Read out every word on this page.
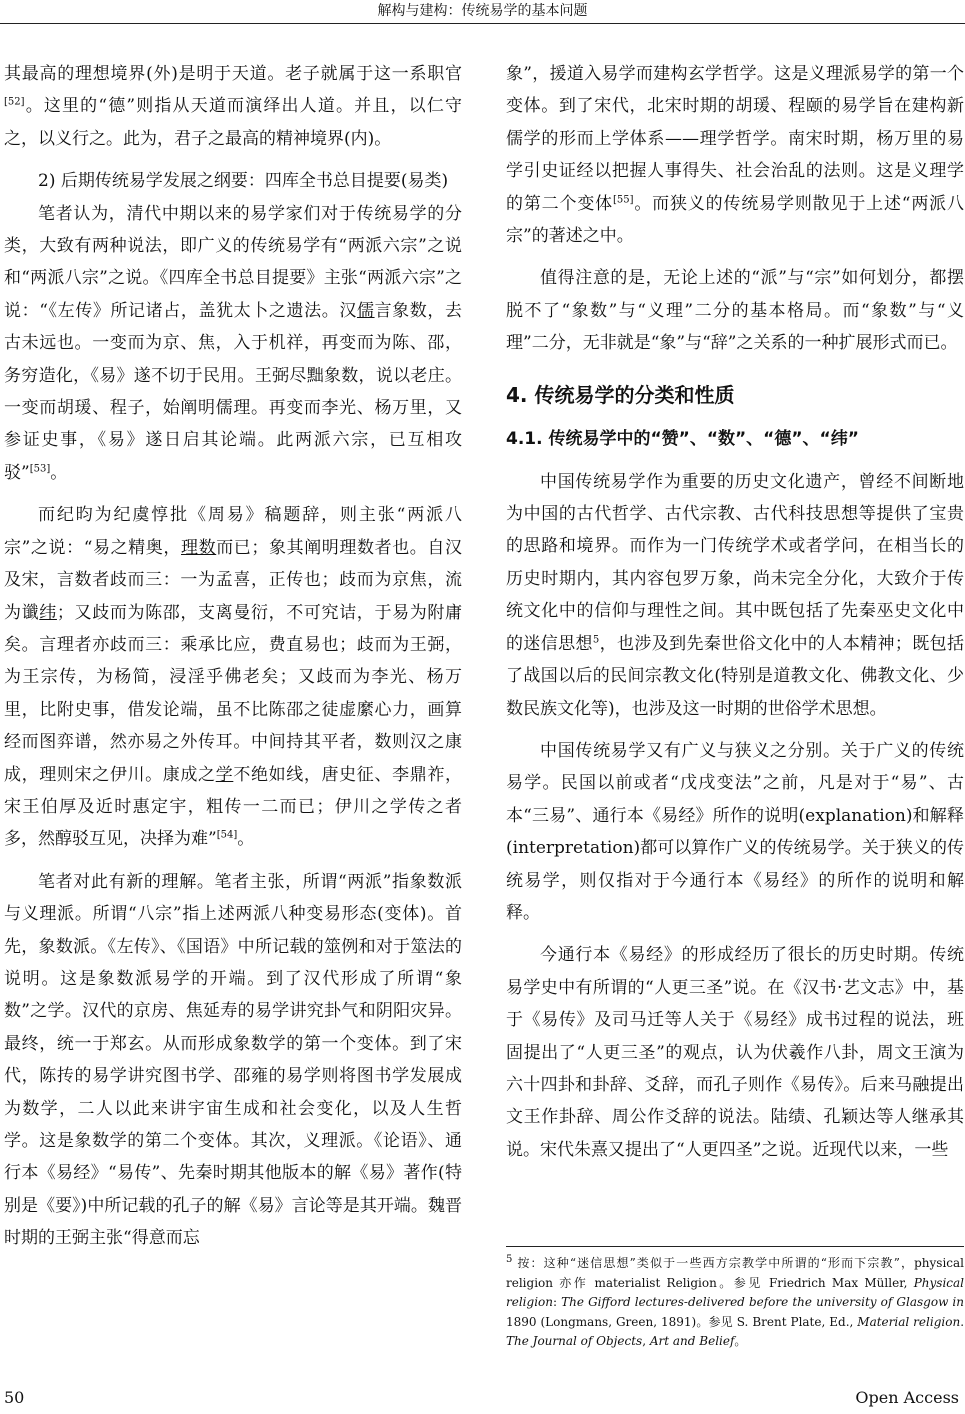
解构与建构：传统易学的基本问题

其最高的理想境界(外)是明于天道。老子就属于这一系职官[52]。这里的“德”则指从天道而演绎出人道。并且，以仁守之，以义行之。此为，君子之最高的精神境界(内)。

2) 后期传统易学发展之纲要：四库全书总目提要(易类)

笔者认为，清代中期以来的易学家们对于传统易学的分类，大致有两种说法，即广义的传统易学有“两派六宗”之说和“两派八宗”之说。《四库全书总目提要》主张“两派六宗”之说：“《左传》所记诸占，盖犹太卜之遗法。汉儒言象数，去古未远也。一变而为京、焦，入于机祥，再变而为陈、邵，务穷造化，《易》遂不切于民用。王弼尽黜象数，说以老庄。一变而胡瑗、程子，始阐明儒理。再变而李光、杨万里，又参证史事，《易》遂日启其论端。此两派六宗，已互相攻驳”[53]。

而纪昀为纪虞惇批《周易》稿题辞，则主张“两派八宗”之说：“易之精奥，理数而已；象其阐明理数者也。自汉及宋，言数者歧而三：一为孟喜，正传也；歧而为京焦，流为谶纬；又歧而为陈邵，支离曼衍，不可究诘，于易为附庸矣。言理者亦歧而三：乘承比应，费直易也；歧而为王弼，为王宗传，为杨简，浸淫乎佛老矣；又歧而为李光、杨万里，比附史事，借发论端，虽不比陈邵之徒虚縻心力，画算经而图弈谱，然亦易之外传耳。中间持其平者，数则汉之康成，理则宋之伊川。康成之学不绝如线，唐史征、李鼎祚，宋王伯厚及近时惠定宇，粗传一二而已；伊川之学传之者多，然醇驳互见，决择为难”[54]。

笔者对此有新的理解。笔者主张，所谓“两派”指象数派与义理派。所谓“八宗”指上述两派八种变易形态(变体)。首先，象数派。《左传》、《国语》中所记载的筮例和对于筮法的说明。这是象数派易学的开端。到了汉代形成了所谓“象数”之学。汉代的京房、焦延寿的易学讲究卦气和阴阳灾异。最终，统一于郑玄。从而形成象数学的第一个变体。到了宋代，陈抟的易学讲究图书学、邵雍的易学则将图书学发展成为数学，二人以此来讲宇宙生成和社会变化，以及人生哲学。这是象数学的第二个变体。其次，义理派。《论语》、通行本《易经》“易传”、先秦时期其他版本的解《易》著作(特别是《要》)中所记载的孔子的解《易》言论等是其开端。魏晋时期的王弼主张“得意而忘

象”，援道入易学而建构玄学哲学。这是义理派易学的第一个变体。到了宋代，北宋时期的胡瑗、程颐的易学旨在建构新儒学的形而上学体系——理学哲学。南宋时期，杨万里的易学引史证经以把握人事得失、社会治乱的法则。这是义理学的第二个变体[55]。而狭义的传统易学则散见于上述“两派八宗”的著述之中。

值得注意的是，无论上述的“派”与“宗”如何划分，都摆脱不了“象数”与“义理”二分的基本格局。而“象数”与“义理”二分，无非就是“象”与“辞”之关系的一种扩展形式而已。

4. 传统易学的分类和性质
4.1. 传统易学中的“赞”、“数”、“德”、“纬”

中国传统易学作为重要的历史文化遗产，曾经不间断地为中国的古代哲学、古代宗教、古代科技思想等提供了宝贵的思路和境界。而作为一门传统学术或者学问，在相当长的历史时期内，其内容包罗万象，尚未完全分化，大致介于传统文化中的信仰与理性之间。其中既包括了先秦巫史文化中的迷信思想$^5$，也涉及到先秦世俗文化中的人本精神；既包括了战国以后的民间宗教文化(特别是道教文化、佛教文化、少数民族文化等)，也涉及这一时期的世俗学术思想。

中国传统易学又有广义与狭义之分别。关于广义的传统易学。民国以前或者“戊戌变法”之前，凡是对于“易”、古本“三易”、通行本《易经》所作的说明(explanation)和解释(interpretation)都可以算作广义的传统易学。关于狭义的传统易学，则仅指对于今通行本《易经》的所作的说明和解释。

今通行本《易经》的形成经历了很长的历史时期。传统易学史中有所谓的“人更三圣”说。在《汉书·艺文志》中，基于《易传》及司马迁等人关于《易经》成书过程的说法，班固提出了“人更三圣”的观点，认为伏羲作八卦，周文王演为六十四卦和卦辞、爻辞，而孔子则作《易传》。后来马融提出文王作卦辞、周公作爻辞的说法。陆绩、孔颖达等人继承其说。宋代朱熹又提出了“人更四圣”之说。近现代以来，一些

$^5$ 按：这种“迷信思想”类似于一些西方宗教学中所谓的“形而下宗教”，physical religion 亦作 materialist Religion。参见 Friedrich Max Müller, Physical religion: The Gifford lectures-delivered before the university of Glasgow in 1890 (Longmans, Green, 1891)。参见 S. Brent Plate, Ed., Material religion. The Journal of Objects, Art and Belief。

50	Open Access
